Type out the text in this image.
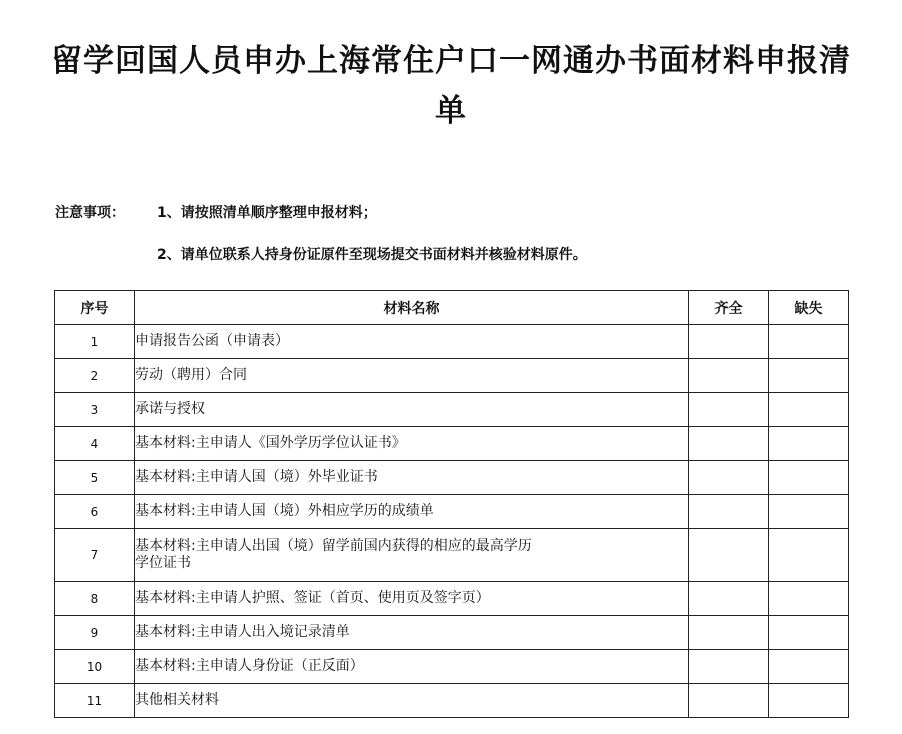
留学回国人员申办上海常住户口一网通办书面材料申报清单
注意事项： 1、请按照清单顺序整理申报材料；
2、请单位联系人持身份证原件至现场提交书面材料并核验材料原件。
序号	材料名称	齐全	缺失
1	申请报告公函（申请表）		

2	劳动（聘用）合同		

3	承诺与授权		

4	基本材料:主申请人《国外学历学位认证书》		

5	基本材料:主申请人国（境）外毕业证书		

6	基本材料:主申请人国（境）外相应学历的成绩单		

7	基本材料:主申请人出国（境）留学前国内获得的相应的最高学历学位证书		

8	基本材料:主申请人护照、签证（首页、使用页及签字页）		

9	基本材料:主申请人出入境记录清单		

10	基本材料:主申请人身份证（正反面）		

11	其他相关材料		
